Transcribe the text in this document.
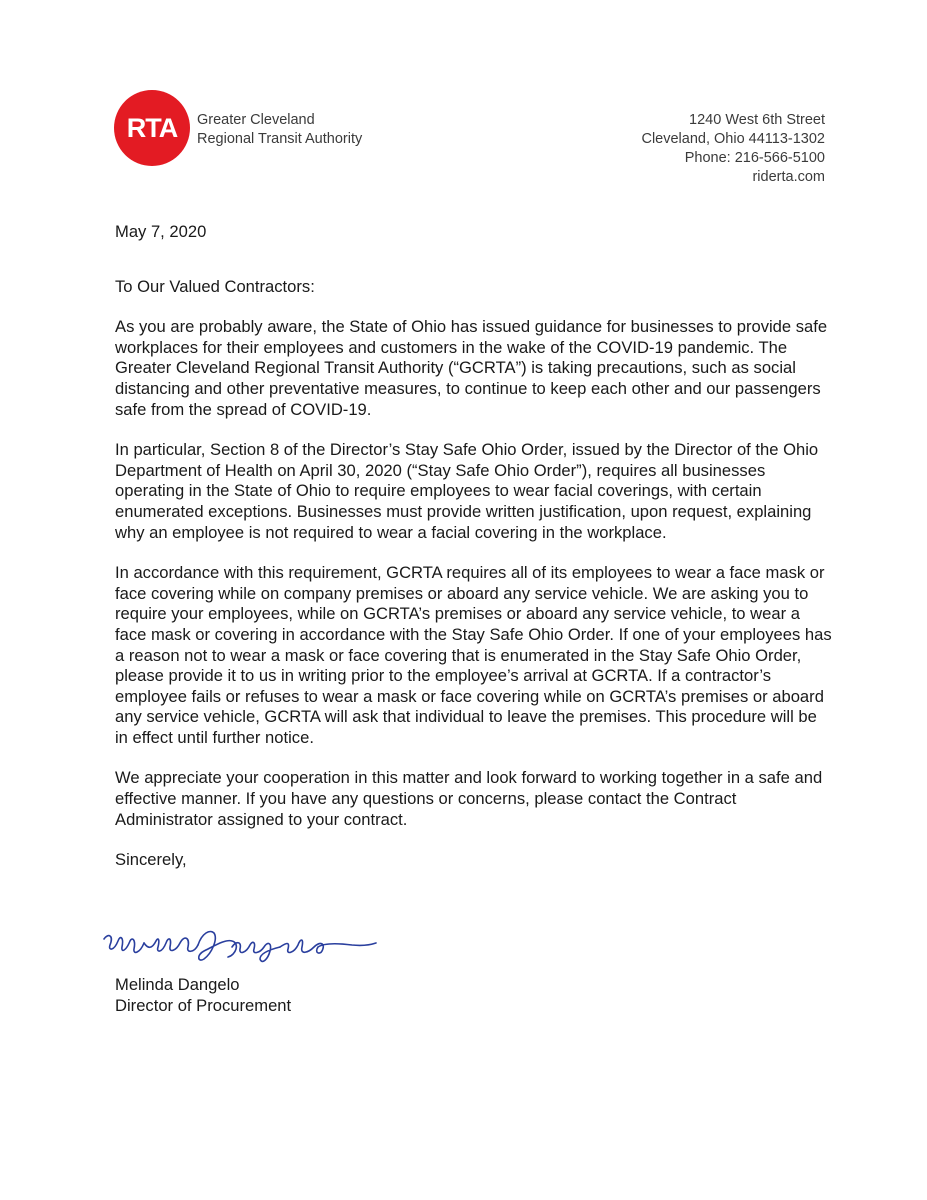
RTA Greater Cleveland
Regional Transit Authority
1240 West 6th Street
Cleveland, Ohio 44113-1302
Phone: 216-566-5100
riderta.com

May 7, 2020

To Our Valued Contractors:

As you are probably aware, the State of Ohio has issued guidance for businesses to provide safe workplaces for their employees and customers in the wake of the COVID-19 pandemic. The Greater Cleveland Regional Transit Authority (“GCRTA”) is taking precautions, such as social distancing and other preventative measures, to continue to keep each other and our passengers safe from the spread of COVID-19.

In particular, Section 8 of the Director’s Stay Safe Ohio Order, issued by the Director of the Ohio Department of Health on April 30, 2020 (“Stay Safe Ohio Order”), requires all businesses operating in the State of Ohio to require employees to wear facial coverings, with certain enumerated exceptions. Businesses must provide written justification, upon request, explaining why an employee is not required to wear a facial covering in the workplace.

In accordance with this requirement, GCRTA requires all of its employees to wear a face mask or face covering while on company premises or aboard any service vehicle. We are asking you to require your employees, while on GCRTA’s premises or aboard any service vehicle, to wear a face mask or covering in accordance with the Stay Safe Ohio Order. If one of your employees has a reason not to wear a mask or face covering that is enumerated in the Stay Safe Ohio Order, please provide it to us in writing prior to the employee’s arrival at GCRTA. If a contractor’s employee fails or refuses to wear a mask or face covering while on GCRTA’s premises or aboard any service vehicle, GCRTA will ask that individual to leave the premises. This procedure will be in effect until further notice.

We appreciate your cooperation in this matter and look forward to working together in a safe and effective manner. If you have any questions or concerns, please contact the Contract Administrator assigned to your contract.

Sincerely,

Melinda Dangelo
Director of Procurement
